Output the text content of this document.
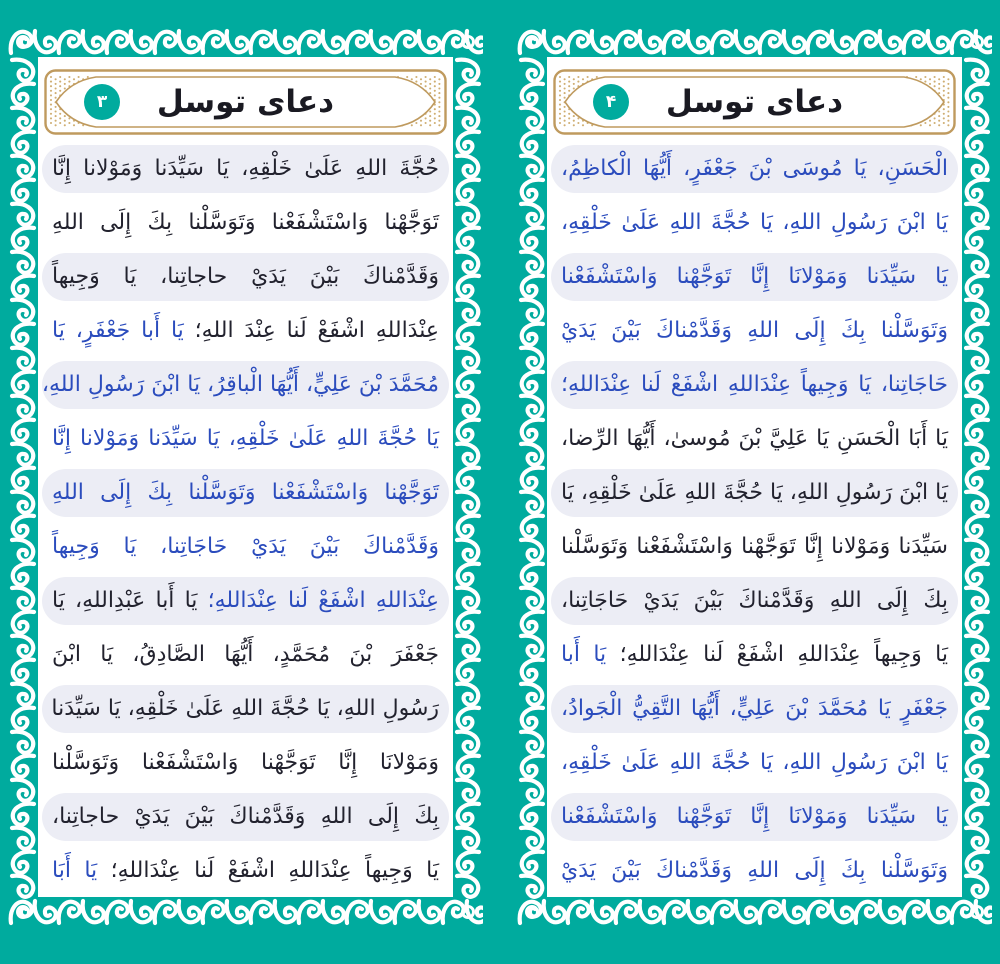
۳	دعای توسل
حُجَّةَ اللهِ عَلَىٰ خَلْقِهِ، يَا سَيِّدَنا وَمَوْلانا إِنَّا
تَوَجَّهْنا وَاسْتَشْفَعْنا وَتَوَسَّلْنا بِكَ إِلَى اللهِ
وَقَدَّمْناكَ بَيْنَ يَدَيْ حاجاتِنا، يَا وَجِيهاً
عِنْدَاللهِ اشْفَعْ لَنا عِنْدَ اللهِ؛ يَا أَبا جَعْفَرٍ، يَا
مُحَمَّدَ بْنَ عَلِيٍّ، أَيُّهَا الْباقِرُ، يَا ابْنَ رَسُولِ اللهِ،
يَا حُجَّةَ اللهِ عَلَىٰ خَلْقِهِ، يَا سَيِّدَنا وَمَوْلانا إِنَّا
تَوَجَّهْنا وَاسْتَشْفَعْنا وَتَوَسَّلْنا بِكَ إِلَى اللهِ
وَقَدَّمْناكَ بَيْنَ يَدَيْ حَاجَاتِنا، يَا وَجِيهاً
عِنْدَاللهِ اشْفَعْ لَنا عِنْدَاللهِ؛ يَا أَبا عَبْدِاللهِ، يَا
جَعْفَرَ بْنَ مُحَمَّدٍ، أَيُّهَا الصَّادِقُ، يَا ابْنَ
رَسُولِ اللهِ، يَا حُجَّةَ اللهِ عَلَىٰ خَلْقِهِ، يَا سَيِّدَنا
وَمَوْلانَا إِنَّا تَوَجَّهْنا وَاسْتَشْفَعْنا وَتَوَسَّلْنا
بِكَ إِلَى اللهِ وَقَدَّمْناكَ بَيْنَ يَدَيْ حاجاتِنا،
يَا وَجِيهاً عِنْدَاللهِ اشْفَعْ لَنا عِنْدَاللهِ؛ يَا أَبَا
۴	دعای توسل
الْحَسَنِ، يَا مُوسَى بْنَ جَعْفَرٍ، أَيُّهَا الْكاظِمُ،
يَا ابْنَ رَسُولِ اللهِ، يَا حُجَّةَ اللهِ عَلَىٰ خَلْقِهِ،
يَا سَيِّدَنا وَمَوْلانَا إِنَّا تَوَجَّهْنا وَاسْتَشْفَعْنا
وَتَوَسَّلْنا بِكَ إِلَى اللهِ وَقَدَّمْناكَ بَيْنَ يَدَيْ
حَاجَاتِنا، يَا وَجِيهاً عِنْدَاللهِ اشْفَعْ لَنا عِنْدَاللهِ؛
يَا أَبَا الْحَسَنِ يَا عَلِيَّ بْنَ مُوسىٰ، أَيُّهَا الرِّضا،
يَا ابْنَ رَسُولِ اللهِ، يَا حُجَّةَ اللهِ عَلَىٰ خَلْقِهِ، يَا
سَيِّدَنا وَمَوْلانا إِنَّا تَوَجَّهْنا وَاسْتَشْفَعْنا وَتَوَسَّلْنا
بِكَ إِلَى اللهِ وَقَدَّمْناكَ بَيْنَ يَدَيْ حَاجَاتِنا،
يَا وَجِيهاً عِنْدَاللهِ اشْفَعْ لَنا عِنْدَاللهِ؛ يَا أَبا
جَعْفَرٍ يَا مُحَمَّدَ بْنَ عَلِيٍّ، أَيُّهَا التَّقِيُّ الْجَوادُ،
يَا ابْنَ رَسُولِ اللهِ، يَا حُجَّةَ اللهِ عَلَىٰ خَلْقِهِ،
يَا سَيِّدَنا وَمَوْلانَا إِنَّا تَوَجَّهْنا وَاسْتَشْفَعْنا
وَتَوَسَّلْنا بِكَ إِلَى اللهِ وَقَدَّمْناكَ بَيْنَ يَدَيْ
